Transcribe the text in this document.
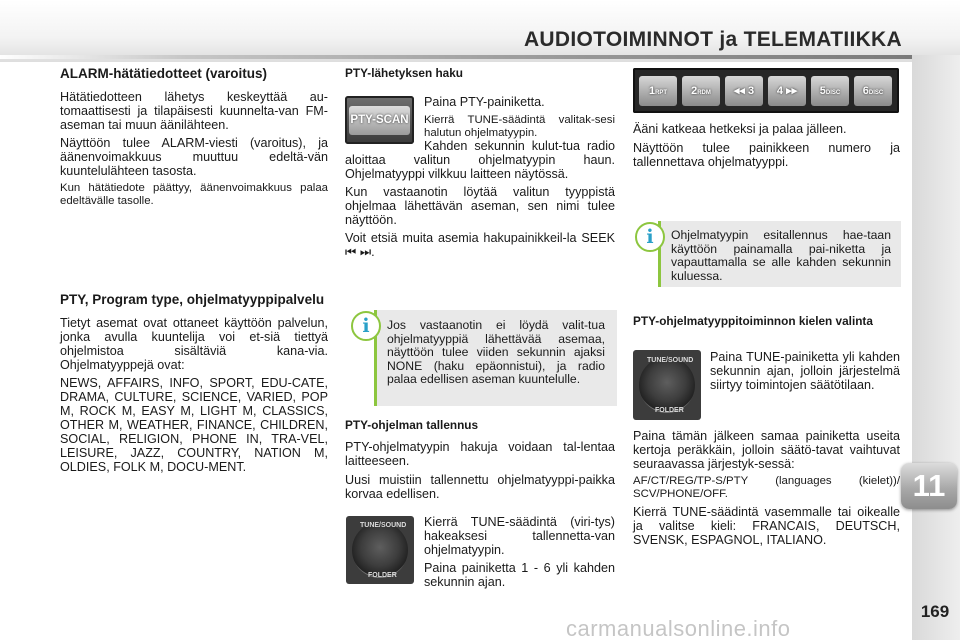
AUDIOTOIMINNOT ja TELEMATIIKKA
11
169
carmanualsonline.info
ALARM-hätätiedotteet (varoitus)

Hätätiedotteen lähetys keskeyttää au-tomaattisesti ja tilapäisesti kuunnelta-van FM-aseman tai muun äänilähteen.

Näyttöön tulee ALARM-viesti (varoitus), ja äänenvoimakkuus muuttuu edeltä-vän kuuntelulähteen tasosta.

Kun hätätiedote päättyy, äänenvoimakkuus palaa edeltävälle tasolle.

PTY, Program type, ohjelmatyyppipalvelu

Tietyt asemat ovat ottaneet käyttöön palvelun, jonka avulla kuuntelija voi et-siä tiettyä ohjelmistoa sisältäviä kana-via. Ohjelmatyyppejä ovat:

NEWS, AFFAIRS, INFO, SPORT, EDU-CATE, DRAMA, CULTURE, SCIENCE, VARIED, POP M, ROCK M, EASY M, LIGHT M, CLASSICS, OTHER M, WEATHER, FINANCE, CHILDREN, SOCIAL, RELIGION, PHONE IN, TRA-VEL, LEISURE, JAZZ, COUNTRY, NATION M, OLDIES, FOLK M, DOCU-MENT.

PTY-lähetyksen haku
PTY-SCAN

Paina PTY-painiketta.

Kierrä TUNE-säädintä valitak-sesi halutun ohjelmatyypin.

Kahden sekunnin kulut-tua radio aloittaa valitun ohjelmatyypin haun. Ohjelmatyyppi vilkkuu laitteen näytössä.

Kun vastaanotin löytää valitun tyyppistä ohjelmaa lähettävän aseman, sen nimi tulee näyttöön.

Voit etsiä muita asemia hakupainikkeil-la SEEK ⏮ ⏭.

Jos vastaanotin ei löydä valit-tua ohjelmatyyppiä lähettävää asemaa, näyttöön tulee viiden sekunnin ajaksi NONE (haku epäonnistui), ja radio palaa edellisen aseman kuuntelulle.

i
PTY-ohjelman tallennus

PTY-ohjelmatyypin hakuja voidaan tal-lentaa laitteeseen.

Uusi muistiin tallennettu ohjelmatyyppi-paikka korvaa edellisen.

TUNE/SOUND
FOLDER

Kierrä TUNE-säädintä (viri-tys) hakeaksesi tallennetta-van ohjelmatyypin.

Paina painiketta 1 - 6 yli kahden sekunnin ajan.

1RPT	2RDM	◂◂ 3	4 ▸▸	5DISC	6DISC

Ääni katkeaa hetkeksi ja palaa jälleen.

Näyttöön tulee painikkeen numero ja tallennettava ohjelmatyyppi.

Ohjelmatyypin esitallennus hae-taan käyttöön painamalla pai-niketta ja vapauttamalla se alle kahden sekunnin kuluessa.

i
PTY-ohjelmatyyppitoiminnon kielen valinta
TUNE/SOUND
FOLDER

Paina TUNE-painiketta yli kahden sekunnin ajan, jolloin järjestelmä siirtyy toimintojen säätötilaan.

Paina tämän jälkeen samaa painiketta useita kertoja peräkkäin, jolloin säätö-tavat vaihtuvat seuraavassa järjestyk-sessä:

AF/CT/REG/TP-S/PTY (languages (kielet))/ SCV/PHONE/OFF.

Kierrä TUNE-säädintä vasemmalle tai oikealle ja valitse kieli: FRANCAIS, DEUTSCH, SVENSK, ESPAGNOL, ITALIANO.
